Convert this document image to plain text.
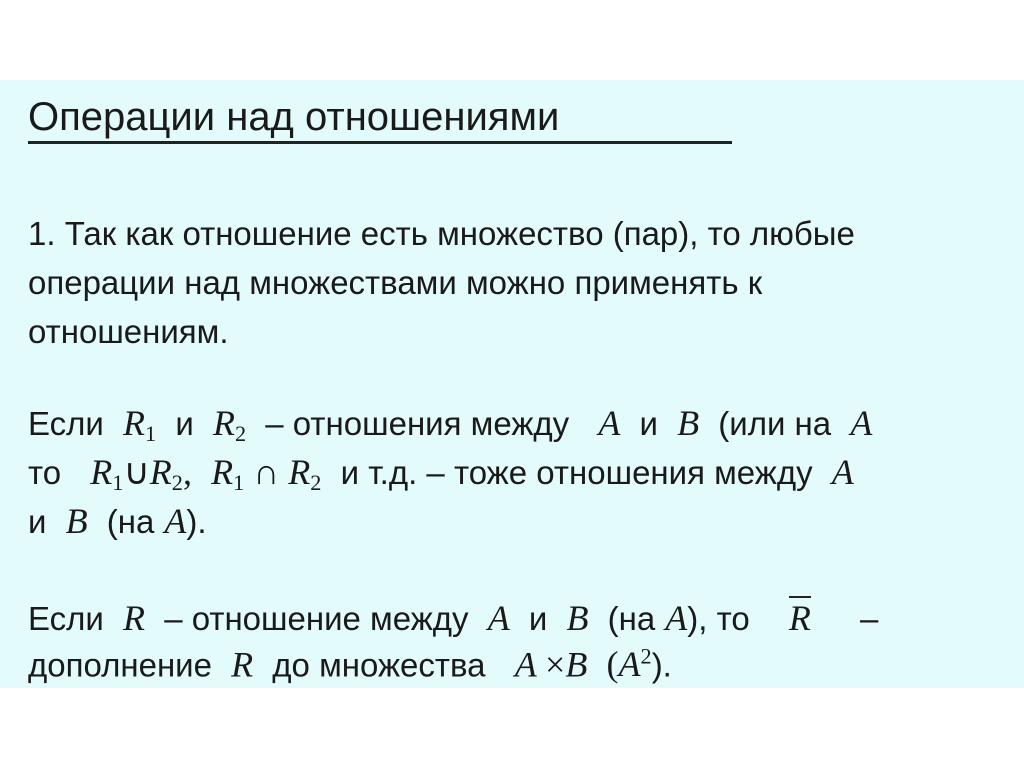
Операции над отношениями
1. Так как отношение есть множество (пар), то любые
операции над множествами можно применять к
отношениям.
Если $R_1$ и $R_2$ – отношения между A и B (или на A
то $R_1\cup R_2$, $R_1$ ∩ $R_2$ и т.д. – тоже отношения между A
и B (на A).
Если R – отношение между A и B (на A), то R –
дополнение R до множества A ×B $(A^2)$.
